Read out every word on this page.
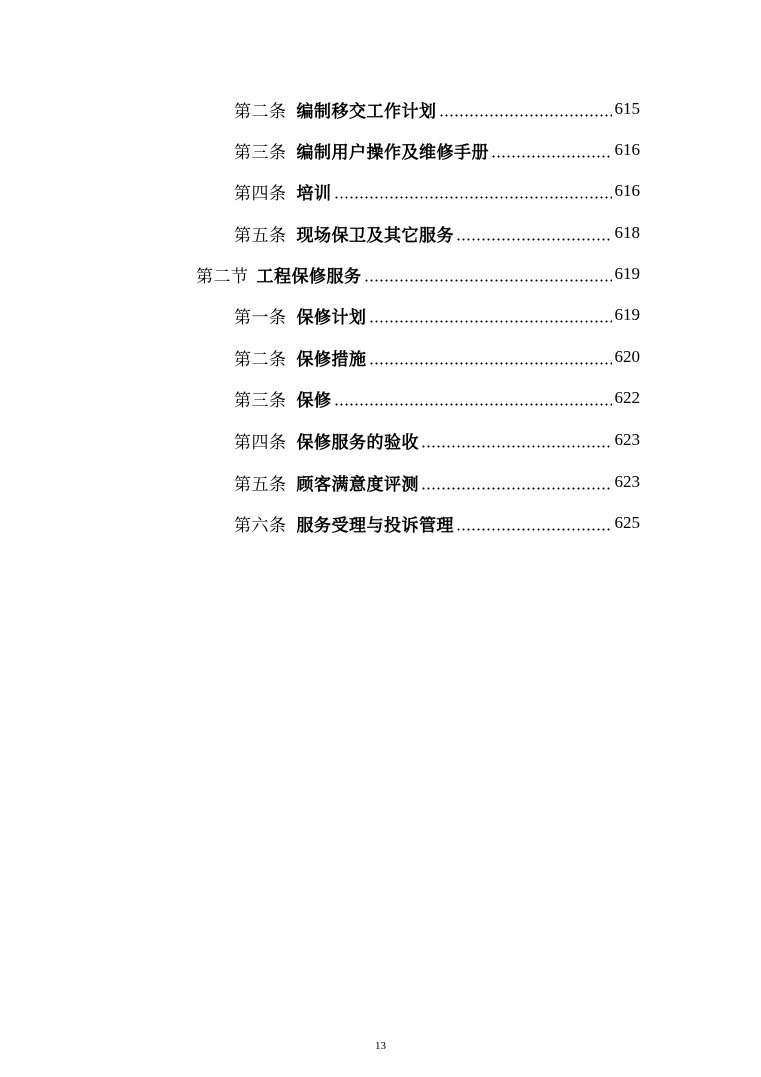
第二条 编制移交工作计划	615
第三条 编制用户操作及维修手册	616
第四条 培训	616
第五条 现场保卫及其它服务	618
第二节 工程保修服务	619
第一条 保修计划	619
第二条 保修措施	620
第三条 保修	622
第四条 保修服务的验收	623
第五条 顾客满意度评测	623
第六条 服务受理与投诉管理	625
13
